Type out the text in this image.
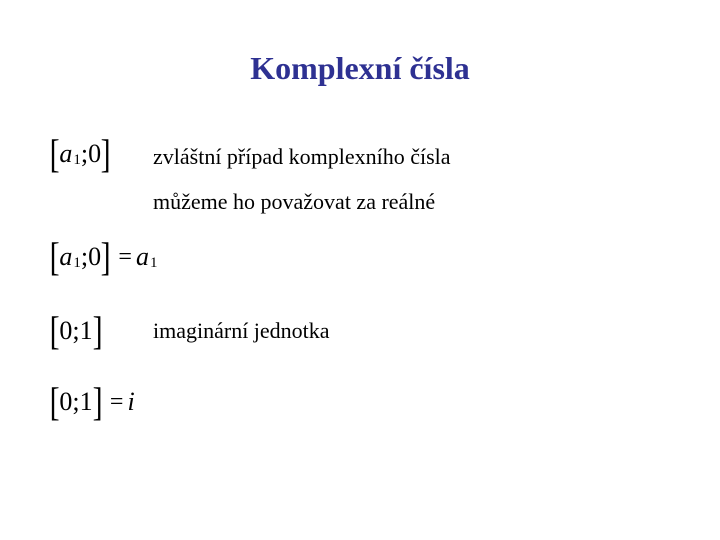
Komplexní čísla
[ a 1 ; 0 ] zvláštní případ komplexního čísla
můžeme ho považovat za reálné
[ a 1 ; 0 ] = a 1
[ 0 ; 1 ] imaginární jednotka
[ 0 ; 1 ] = i
